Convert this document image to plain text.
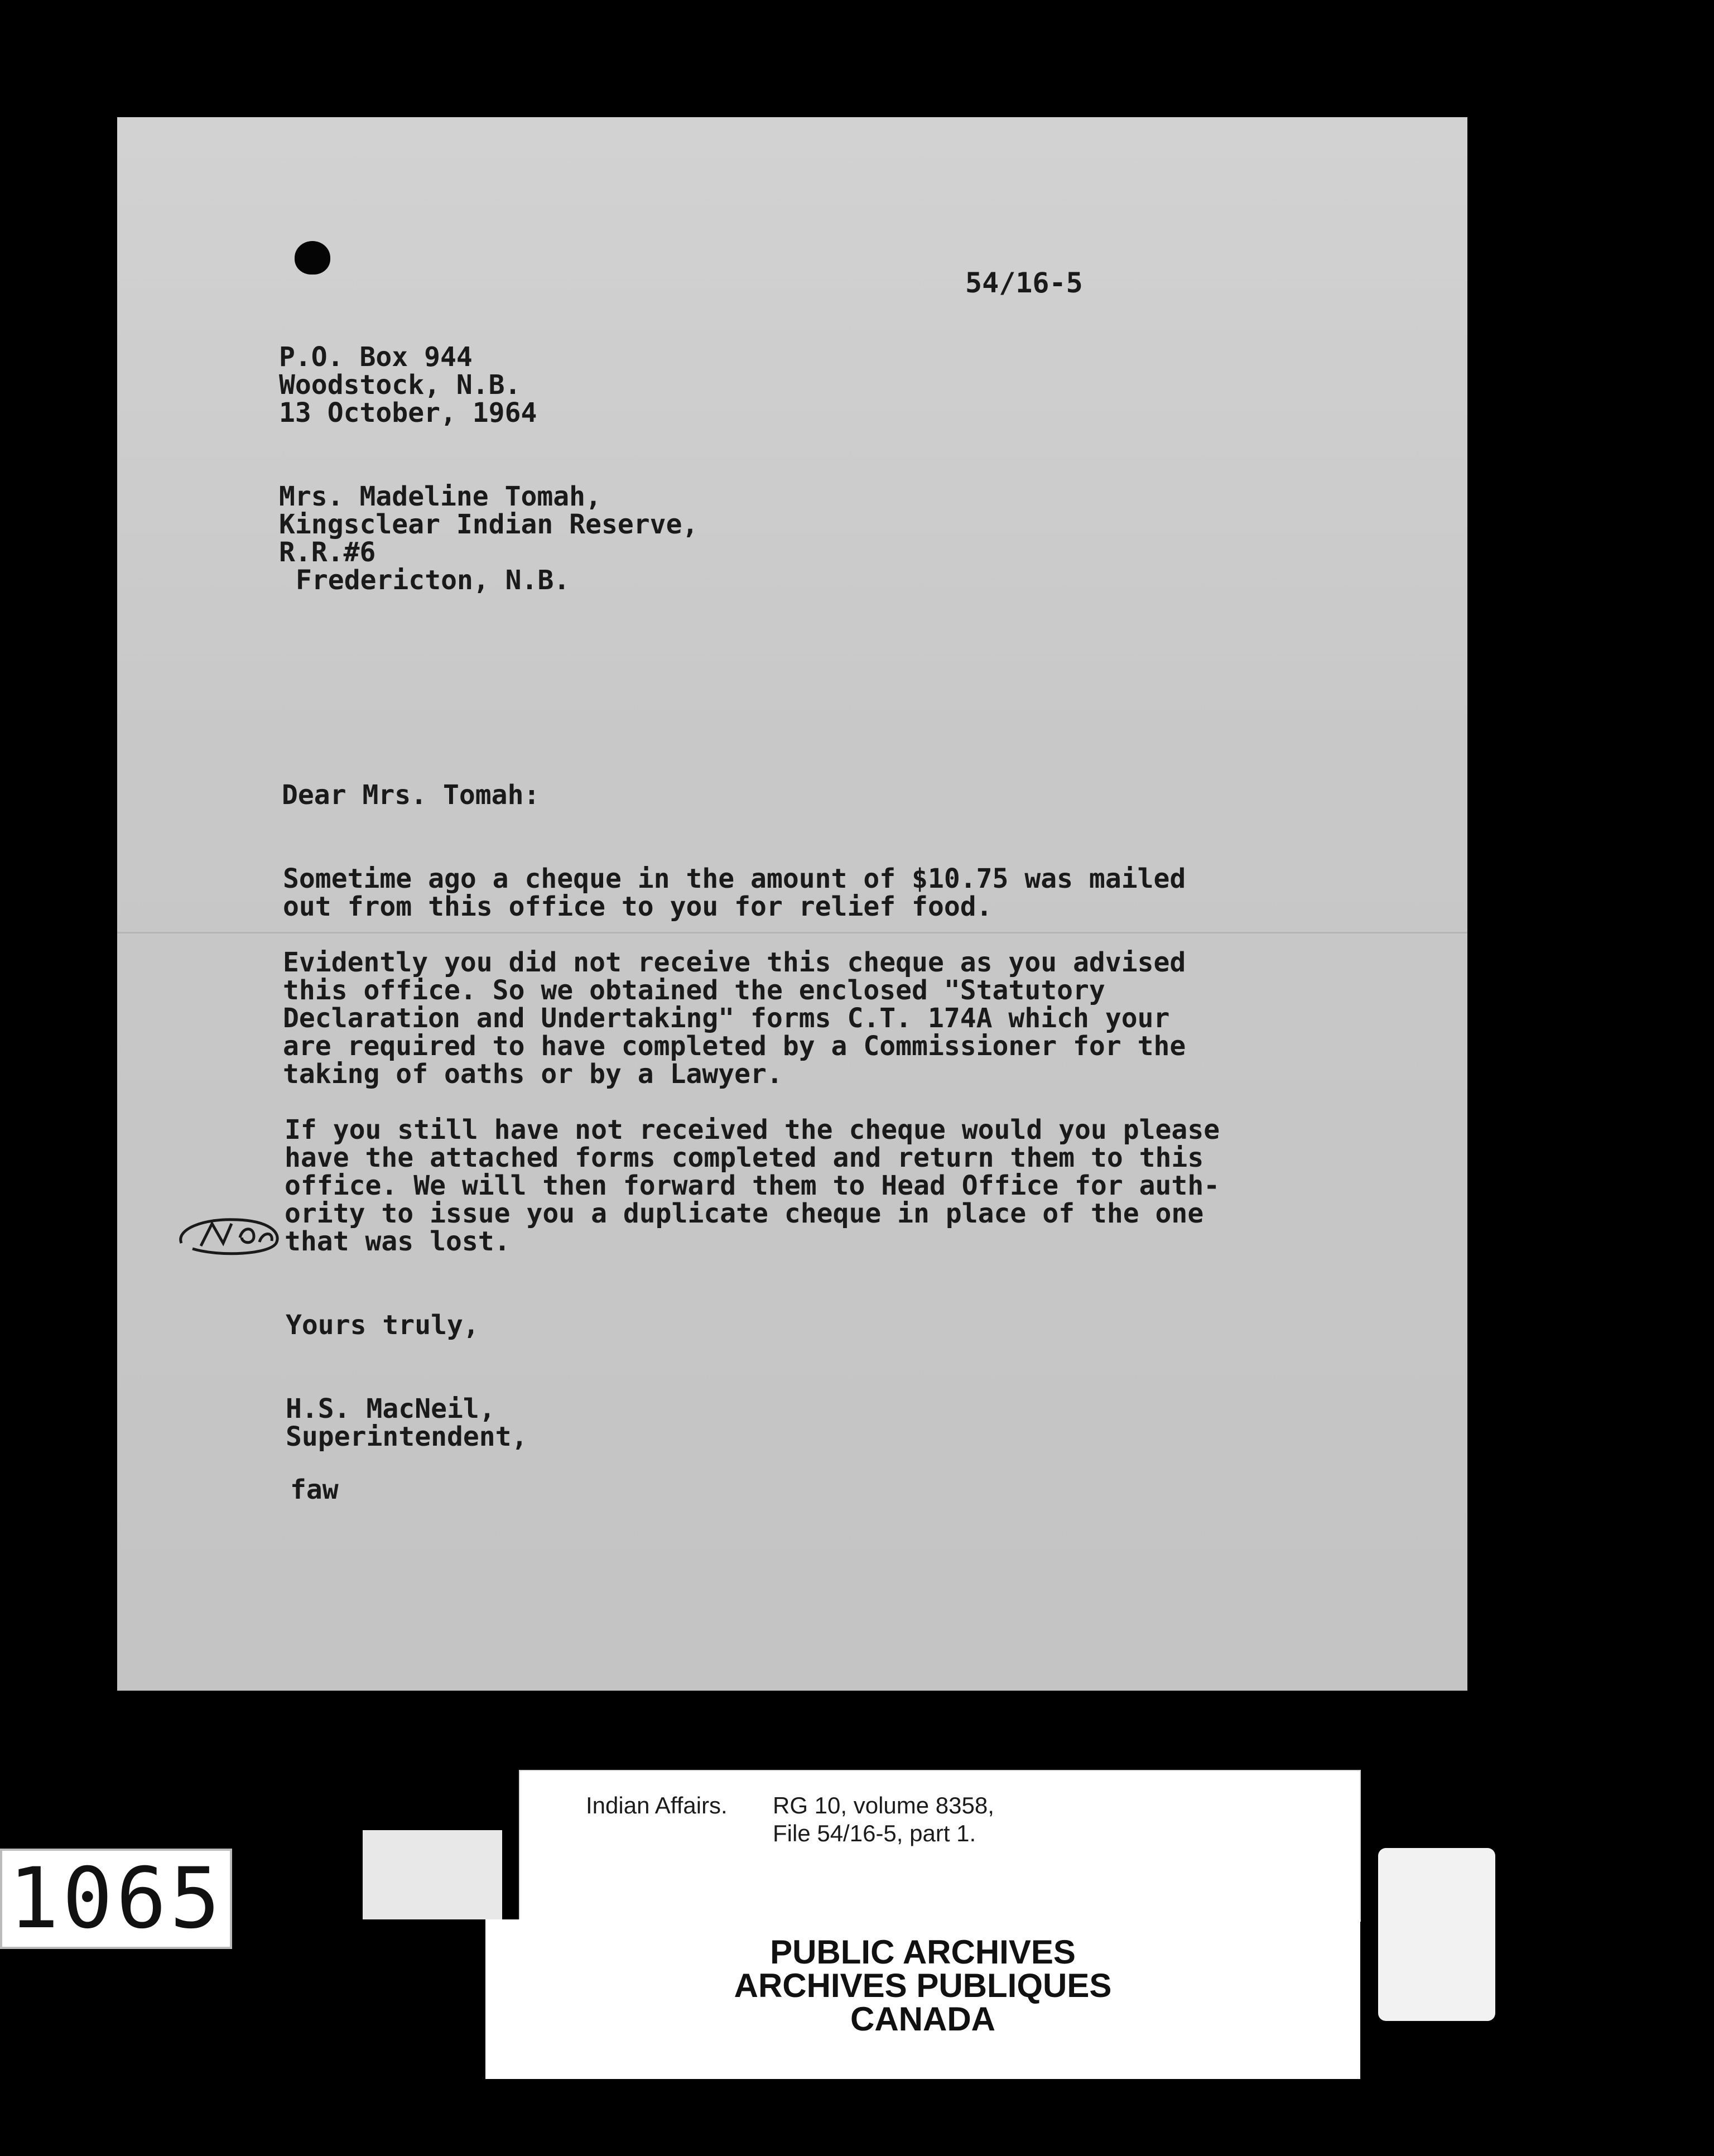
P.O. Box 944
Woodstock, N.B.
13 October, 1964
54/16-5
Mrs. Madeline Tomah,
Kingsclear Indian Reserve,
R.R.#6
Fredericton, N.B.
Dear Mrs. Tomah:
Sometime ago a cheque in the amount of $10.75 was mailed
out from this office to you for relief food.
Evidently you did not receive this cheque as you advised
this office. So we obtained the enclosed "Statutory
Declaration and Undertaking" forms C.T. 174A which your
are required to have completed by a Commissioner for the
taking of oaths or by a Lawyer.
If you still have not received the cheque would you please
have the attached forms completed and return them to this
office. We will then forward them to Head Office for auth-
ority to issue you a duplicate cheque in place of the one
that was lost.
Yours truly,
H.S. MacNeil,
Superintendent,
faw
Indian Affairs. RG 10, volume 8358,
File 54/16-5, part 1.
PUBLIC ARCHIVES
ARCHIVES PUBLIQUES
CANADA
1065
